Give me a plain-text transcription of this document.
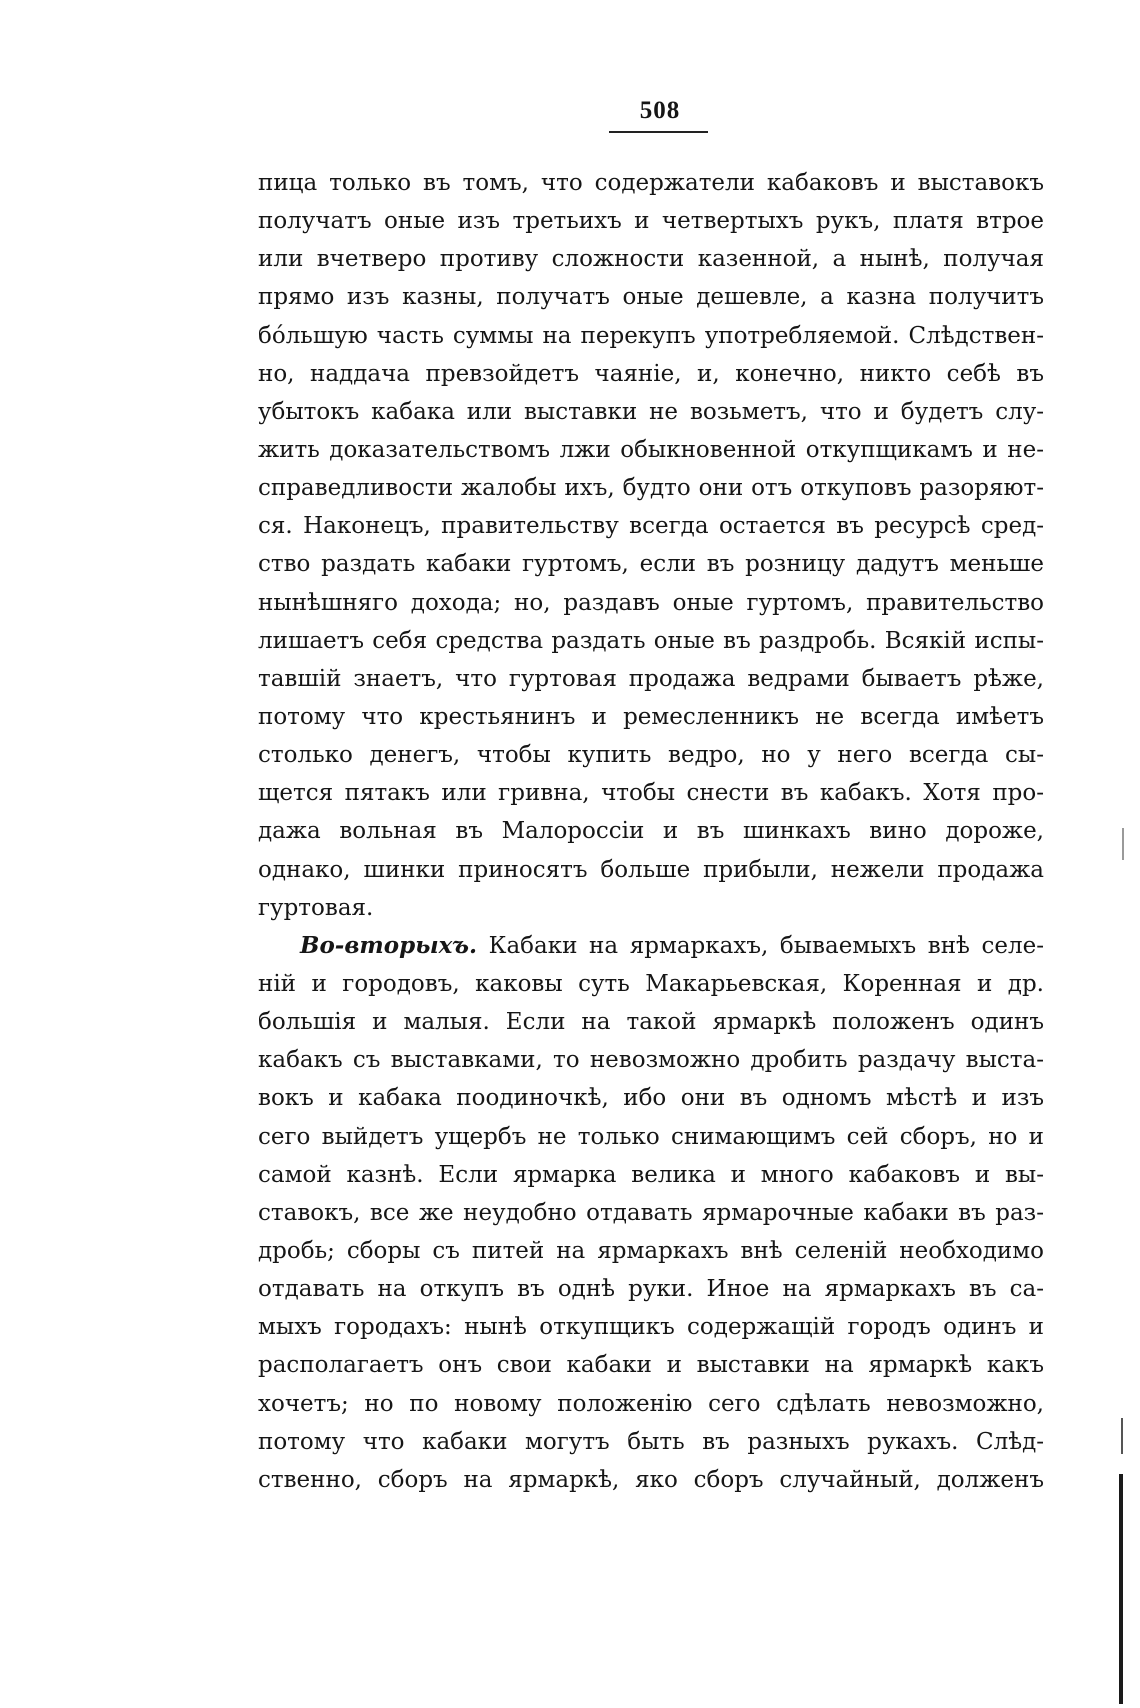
508
пица только въ томъ, что содержатели кабаковъ и выставокъ
получатъ оные изъ третьихъ и четвертыхъ рукъ, платя втрое
или вчетверо противу сложности казенной, а нынѣ, получая
прямо изъ казны, получатъ оные дешевле, а казна получитъ
бо́льшую часть суммы на перекупъ употребляемой. Слѣдствен-
но, наддача превзойдетъ чаяніе, и, конечно, никто себѣ въ
убытокъ кабака или выставки не возьметъ, что и будетъ слу-
жить доказательствомъ лжи обыкновенной откупщикамъ и не-
справедливости жалобы ихъ, будто они отъ откуповъ разоряют-
ся. Наконецъ, правительству всегда остается въ ресурсѣ сред-
ство раздать кабаки гуртомъ, если въ розницу дадутъ меньше
нынѣшняго дохода; но, раздавъ оные гуртомъ, правительство
лишаетъ себя средства раздать оные въ раздробь. Всякій испы-
тавшій знаетъ, что гуртовая продажа ведрами бываетъ рѣже,
потому что крестьянинъ и ремесленникъ не всегда имѣетъ
столько денегъ, чтобы купить ведро, но у него всегда сы-
щется пятакъ или гривна, чтобы снести въ кабакъ. Хотя про-
дажа вольная въ Малороссіи и въ шинкахъ вино дороже,
однако, шинки приносятъ больше прибыли, нежели продажа
гуртовая.
Во-вторыхъ. Кабаки на ярмаркахъ, бываемыхъ внѣ селе-
ній и городовъ, каковы суть Макарьевская, Коренная и др.
большія и малыя. Если на такой ярмаркѣ положенъ одинъ
кабакъ съ выставками, то невозможно дробить раздачу выста-
вокъ и кабака поодиночкѣ, ибо они въ одномъ мѣстѣ и изъ
сего выйдетъ ущербъ не только снимающимъ сей сборъ, но и
самой казнѣ. Если ярмарка велика и много кабаковъ и вы-
ставокъ, все же неудобно отдавать ярмарочные кабаки въ раз-
дробь; сборы съ питей на ярмаркахъ внѣ селеній необходимо
отдавать на откупъ въ однѣ руки. Иное на ярмаркахъ въ са-
мыхъ городахъ: нынѣ откупщикъ содержащій городъ одинъ и
располагаетъ онъ свои кабаки и выставки на ярмаркѣ какъ
хочетъ; но по новому положенію сего сдѣлать невозможно,
потому что кабаки могутъ быть въ разныхъ рукахъ. Слѣд-
ственно, сборъ на ярмаркѣ, яко сборъ случайный, долженъ
